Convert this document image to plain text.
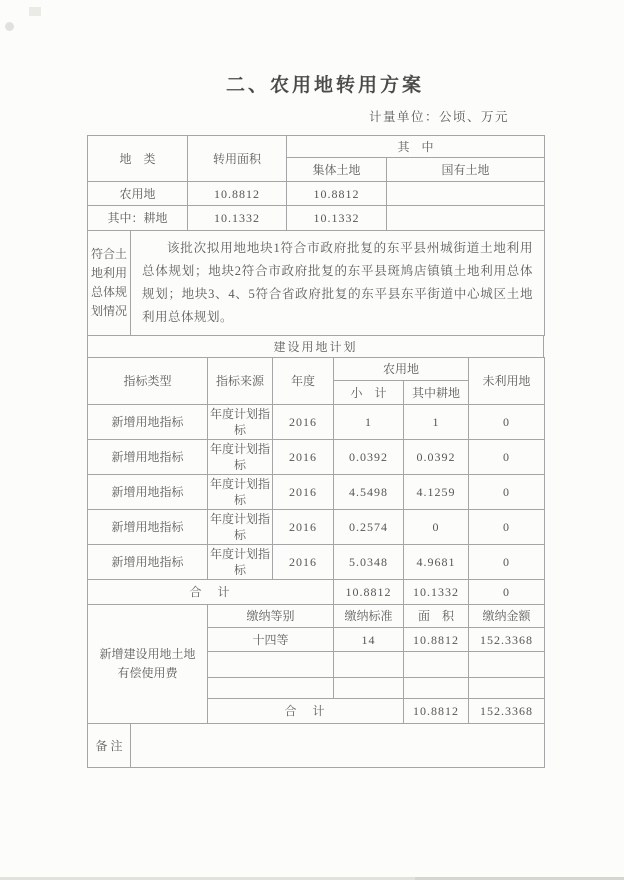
二、农用地转用方案
计量单位：公顷、万元
地　类	转用面积	其　中	
		集体土地	国有土地
农用地	10.8812	10.8812	
其中：耕地	10.1332	10.1332	
符合土地利用总体规划情况	该批次拟用地地块1符合市政府批复的东平县州城街道土地利用总体规划；地块2符合市政府批复的东平县斑鸠店镇镇土地利用总体规划；地块3、4、5符合省政府批复的东平县东平街道中心城区土地利用总体规划。
建设用地计划
指标类型	指标来源	年度	农用地		未利用地
			小　计	其中耕地	
新增用地指标	年度计划指标	2016	1	1	0
新增用地指标	年度计划指标	2016	0.0392	0.0392	0
新增用地指标	年度计划指标	2016	4.5498	4.1259	0
新增用地指标	年度计划指标	2016	0.2574	0	0
新增用地指标	年度计划指标	2016	5.0348	4.9681	0
合　计			10.8812	10.1332	0
新增建设用地土地有偿使用费	缴纳等别	缴纳标准	面　积	缴纳金额
	十四等	14	10.8812	152.3368

	合　计		10.8812	152.3368
备 注	
